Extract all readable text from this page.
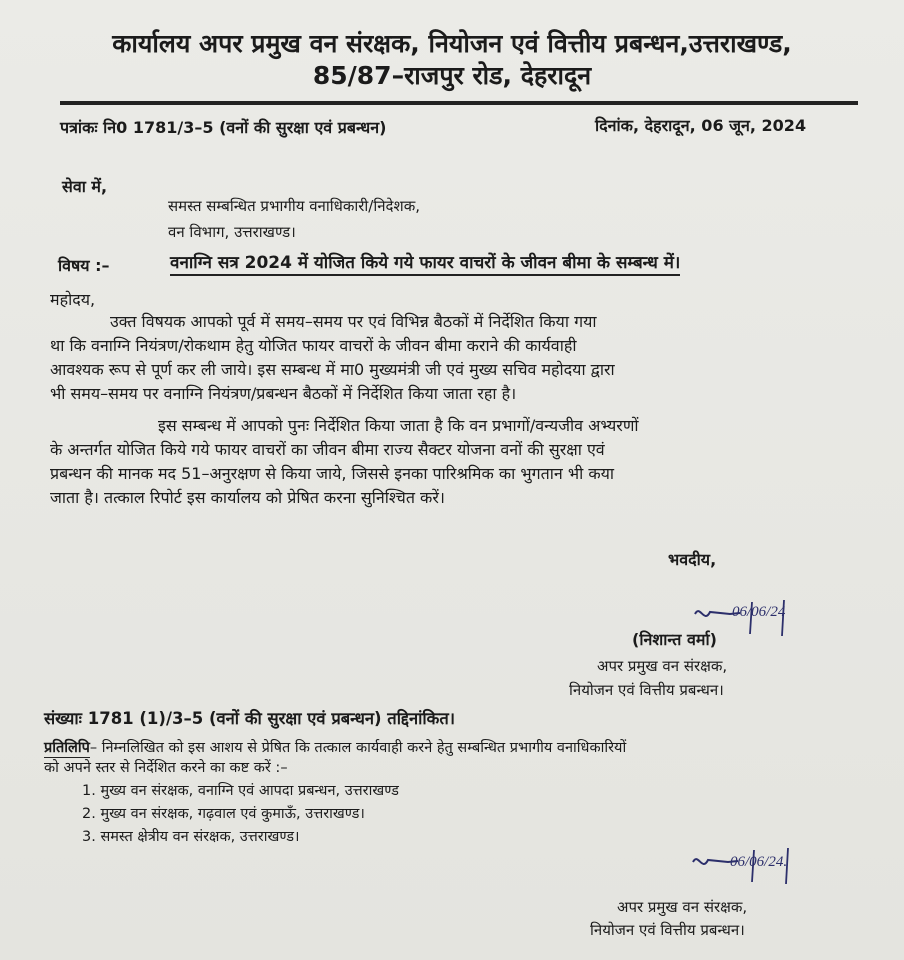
कार्यालय अपर प्रमुख वन संरक्षक, नियोजन एवं वित्तीय प्रबन्धन,उत्तराखण्ड,
85/87–राजपुर रोड, देहरादून
पत्रांकः नि0 1781/3–5 (वनों की सुरक्षा एवं प्रबन्धन)	दिनांक, देहरादून, 06 जून, 2024
सेवा में,
समस्त सम्बन्धित प्रभागीय वनाधिकारी/निदेशक,
वन विभाग, उत्तराखण्ड।
विषय :–	वनाग्नि सत्र 2024 में योजित किये गये फायर वाचरों के जीवन बीमा के सम्बन्ध में।
महोदय,
उक्त विषयक आपको पूर्व में समय–समय पर एवं विभिन्न बैठकों में निर्देशित किया गया
था कि वनाग्नि नियंत्रण/रोकथाम हेतु योजित फायर वाचरों के जीवन बीमा कराने की कार्यवाही
आवश्यक रूप से पूर्ण कर ली जाये। इस सम्बन्ध में मा0 मुख्यमंत्री जी एवं मुख्य सचिव महोदया द्वारा
भी समय–समय पर वनाग्नि नियंत्रण/प्रबन्धन बैठकों में निर्देशित किया जाता रहा है।
इस सम्बन्ध में आपको पुनः निर्देशित किया जाता है कि वन प्रभागों/वन्यजीव अभ्यरणों
के अन्तर्गत योजित किये गये फायर वाचरों का जीवन बीमा राज्य सैक्टर योजना वनों की सुरक्षा एवं
प्रबन्धन की मानक मद 51–अनुरक्षण से किया जाये, जिससे इनका पारिश्रमिक का भुगतान भी कया
जाता है। तत्काल रिपोर्ट इस कार्यालय को प्रेषित करना सुनिश्चित करें।
भवदीय,
06/06/24
(निशान्त वर्मा)
अपर प्रमुख वन संरक्षक,
नियोजन एवं वित्तीय प्रबन्धन।
संख्याः 1781 (1)/3–5 (वनों की सुरक्षा एवं प्रबन्धन) तद्दिनांकित।
प्रतिलिपि– निम्नलिखित को इस आशय से प्रेषित कि तत्काल कार्यवाही करने हेतु सम्बन्धित प्रभागीय वनाधिकारियों
को अपने स्तर से निर्देशित करने का कष्ट करें :–
1. मुख्य वन संरक्षक, वनाग्नि एवं आपदा प्रबन्धन, उत्तराखण्ड
2. मुख्य वन संरक्षक, गढ़वाल एवं कुमाऊँ, उत्तराखण्ड।
3. समस्त क्षेत्रीय वन संरक्षक, उत्तराखण्ड।
06/06/24.
अपर प्रमुख वन संरक्षक,
नियोजन एवं वित्तीय प्रबन्धन।
